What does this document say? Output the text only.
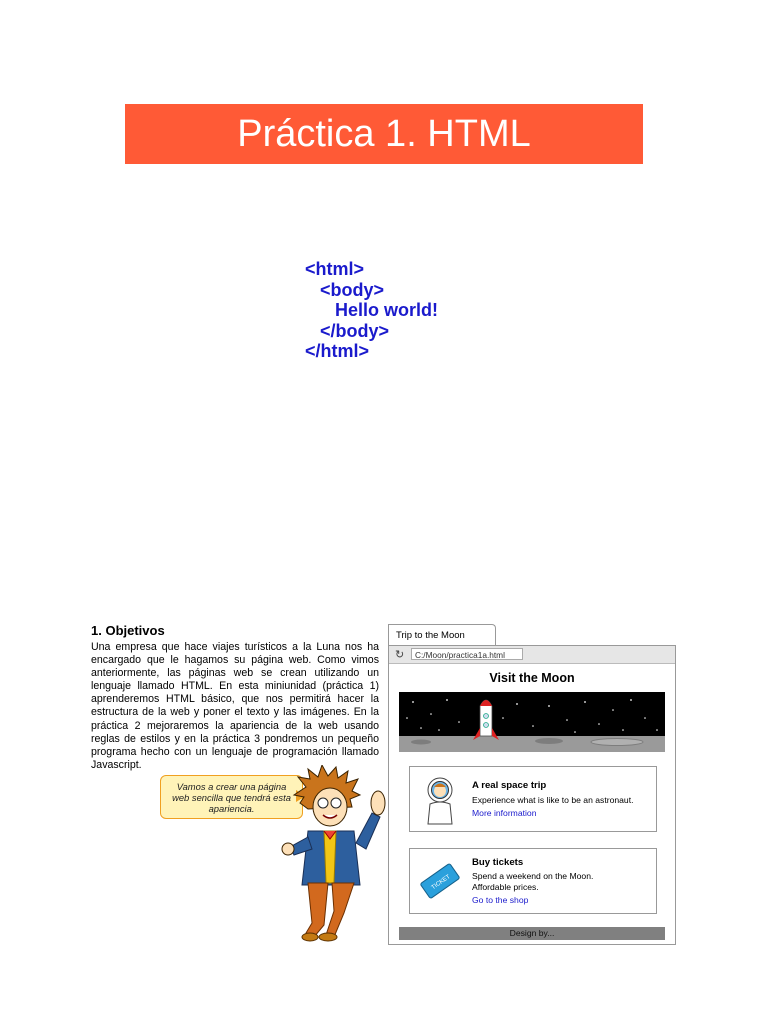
Práctica 1. HTML
<html>
<body>
Hello world!
</body>
</html>
1. Objetivos
Una empresa que hace viajes turísticos a la Luna nos ha encargado que le hagamos su página web. Como vimos anteriormente, las páginas web se crean utilizando un lenguaje llamado HTML. En esta miniunidad (práctica 1) aprenderemos HTML básico, que nos permitirá hacer la estructura de la web y poner el texto y las imágenes. En la práctica 2 mejoraremos la apariencia de la web usando reglas de estilos y en la práctica 3 pondremos un pequeño programa hecho con un lenguaje de programación llamado Javascript.
Vamos a crear una página web sencilla que tendrá esta apariencia.
Trip to the Moon
↻	C:/Moon/practica1a.html
Visit the Moon
A real space trip
Experience what is like to be an astronaut.
More information
TICKET
Buy tickets
Spend a weekend on the Moon. Affordable prices.
Go to the shop
Design by...
